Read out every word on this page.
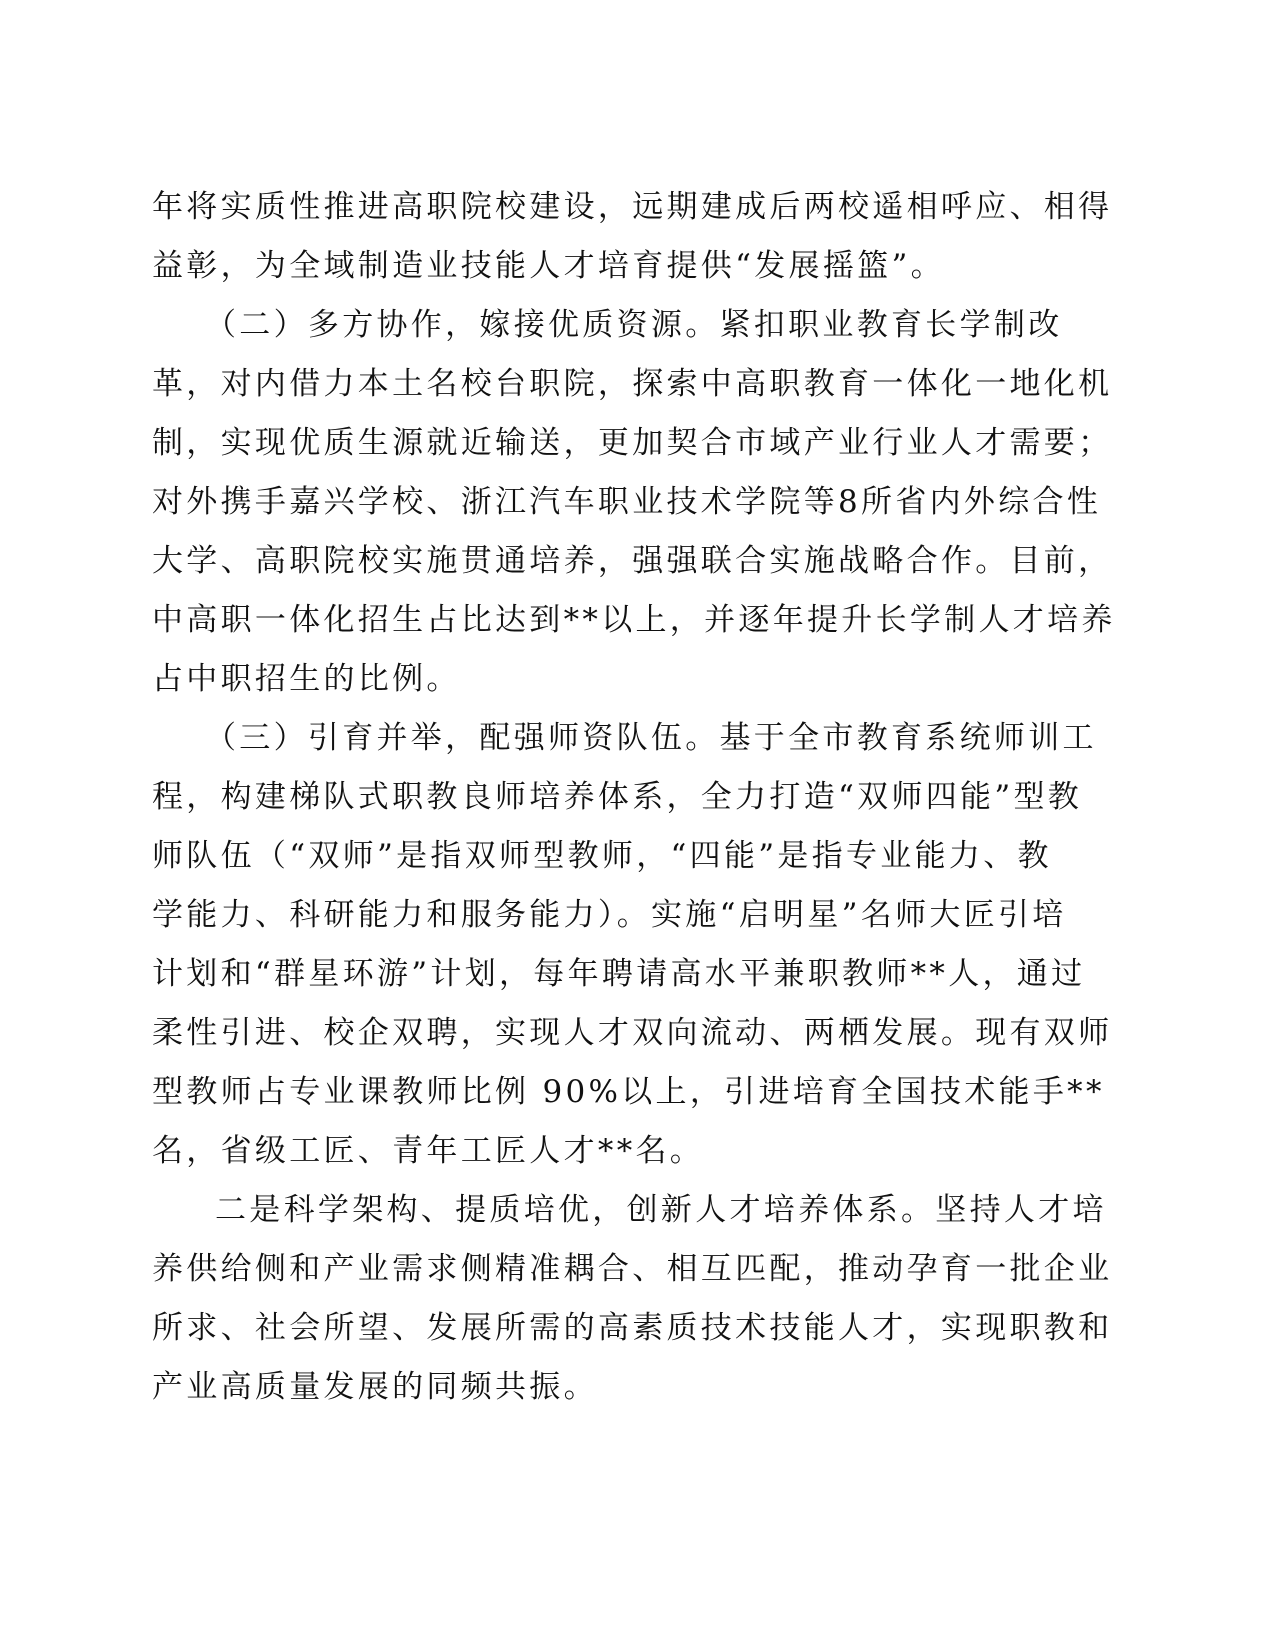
年将实质性推进高职院校建设，远期建成后两校遥相呼应、相得
益彰，为全域制造业技能人才培育提供“发展摇篮”。
（二）多方协作，嫁接优质资源。紧扣职业教育长学制改
革，对内借力本土名校台职院，探索中高职教育一体化一地化机
制，实现优质生源就近输送，更加契合市域产业行业人才需要；
对外携手嘉兴学校、浙江汽车职业技术学院等8所省内外综合性
大学、高职院校实施贯通培养，强强联合实施战略合作。目前，
中高职一体化招生占比达到**以上，并逐年提升长学制人才培养
占中职招生的比例。
（三）引育并举，配强师资队伍。基于全市教育系统师训工
程，构建梯队式职教良师培养体系，全力打造“双师四能”型教
师队伍（“双师”是指双师型教师，“四能”是指专业能力、教
学能力、科研能力和服务能力）。实施“启明星”名师大匠引培
计划和“群星环游”计划，每年聘请高水平兼职教师**人，通过
柔性引进、校企双聘，实现人才双向流动、两栖发展。现有双师
型教师占专业课教师比例 90%以上，引进培育全国技术能手**
名，省级工匠、青年工匠人才**名。
二是科学架构、提质培优，创新人才培养体系。坚持人才培
养供给侧和产业需求侧精准耦合、相互匹配，推动孕育一批企业
所求、社会所望、发展所需的高素质技术技能人才，实现职教和
产业高质量发展的同频共振。
